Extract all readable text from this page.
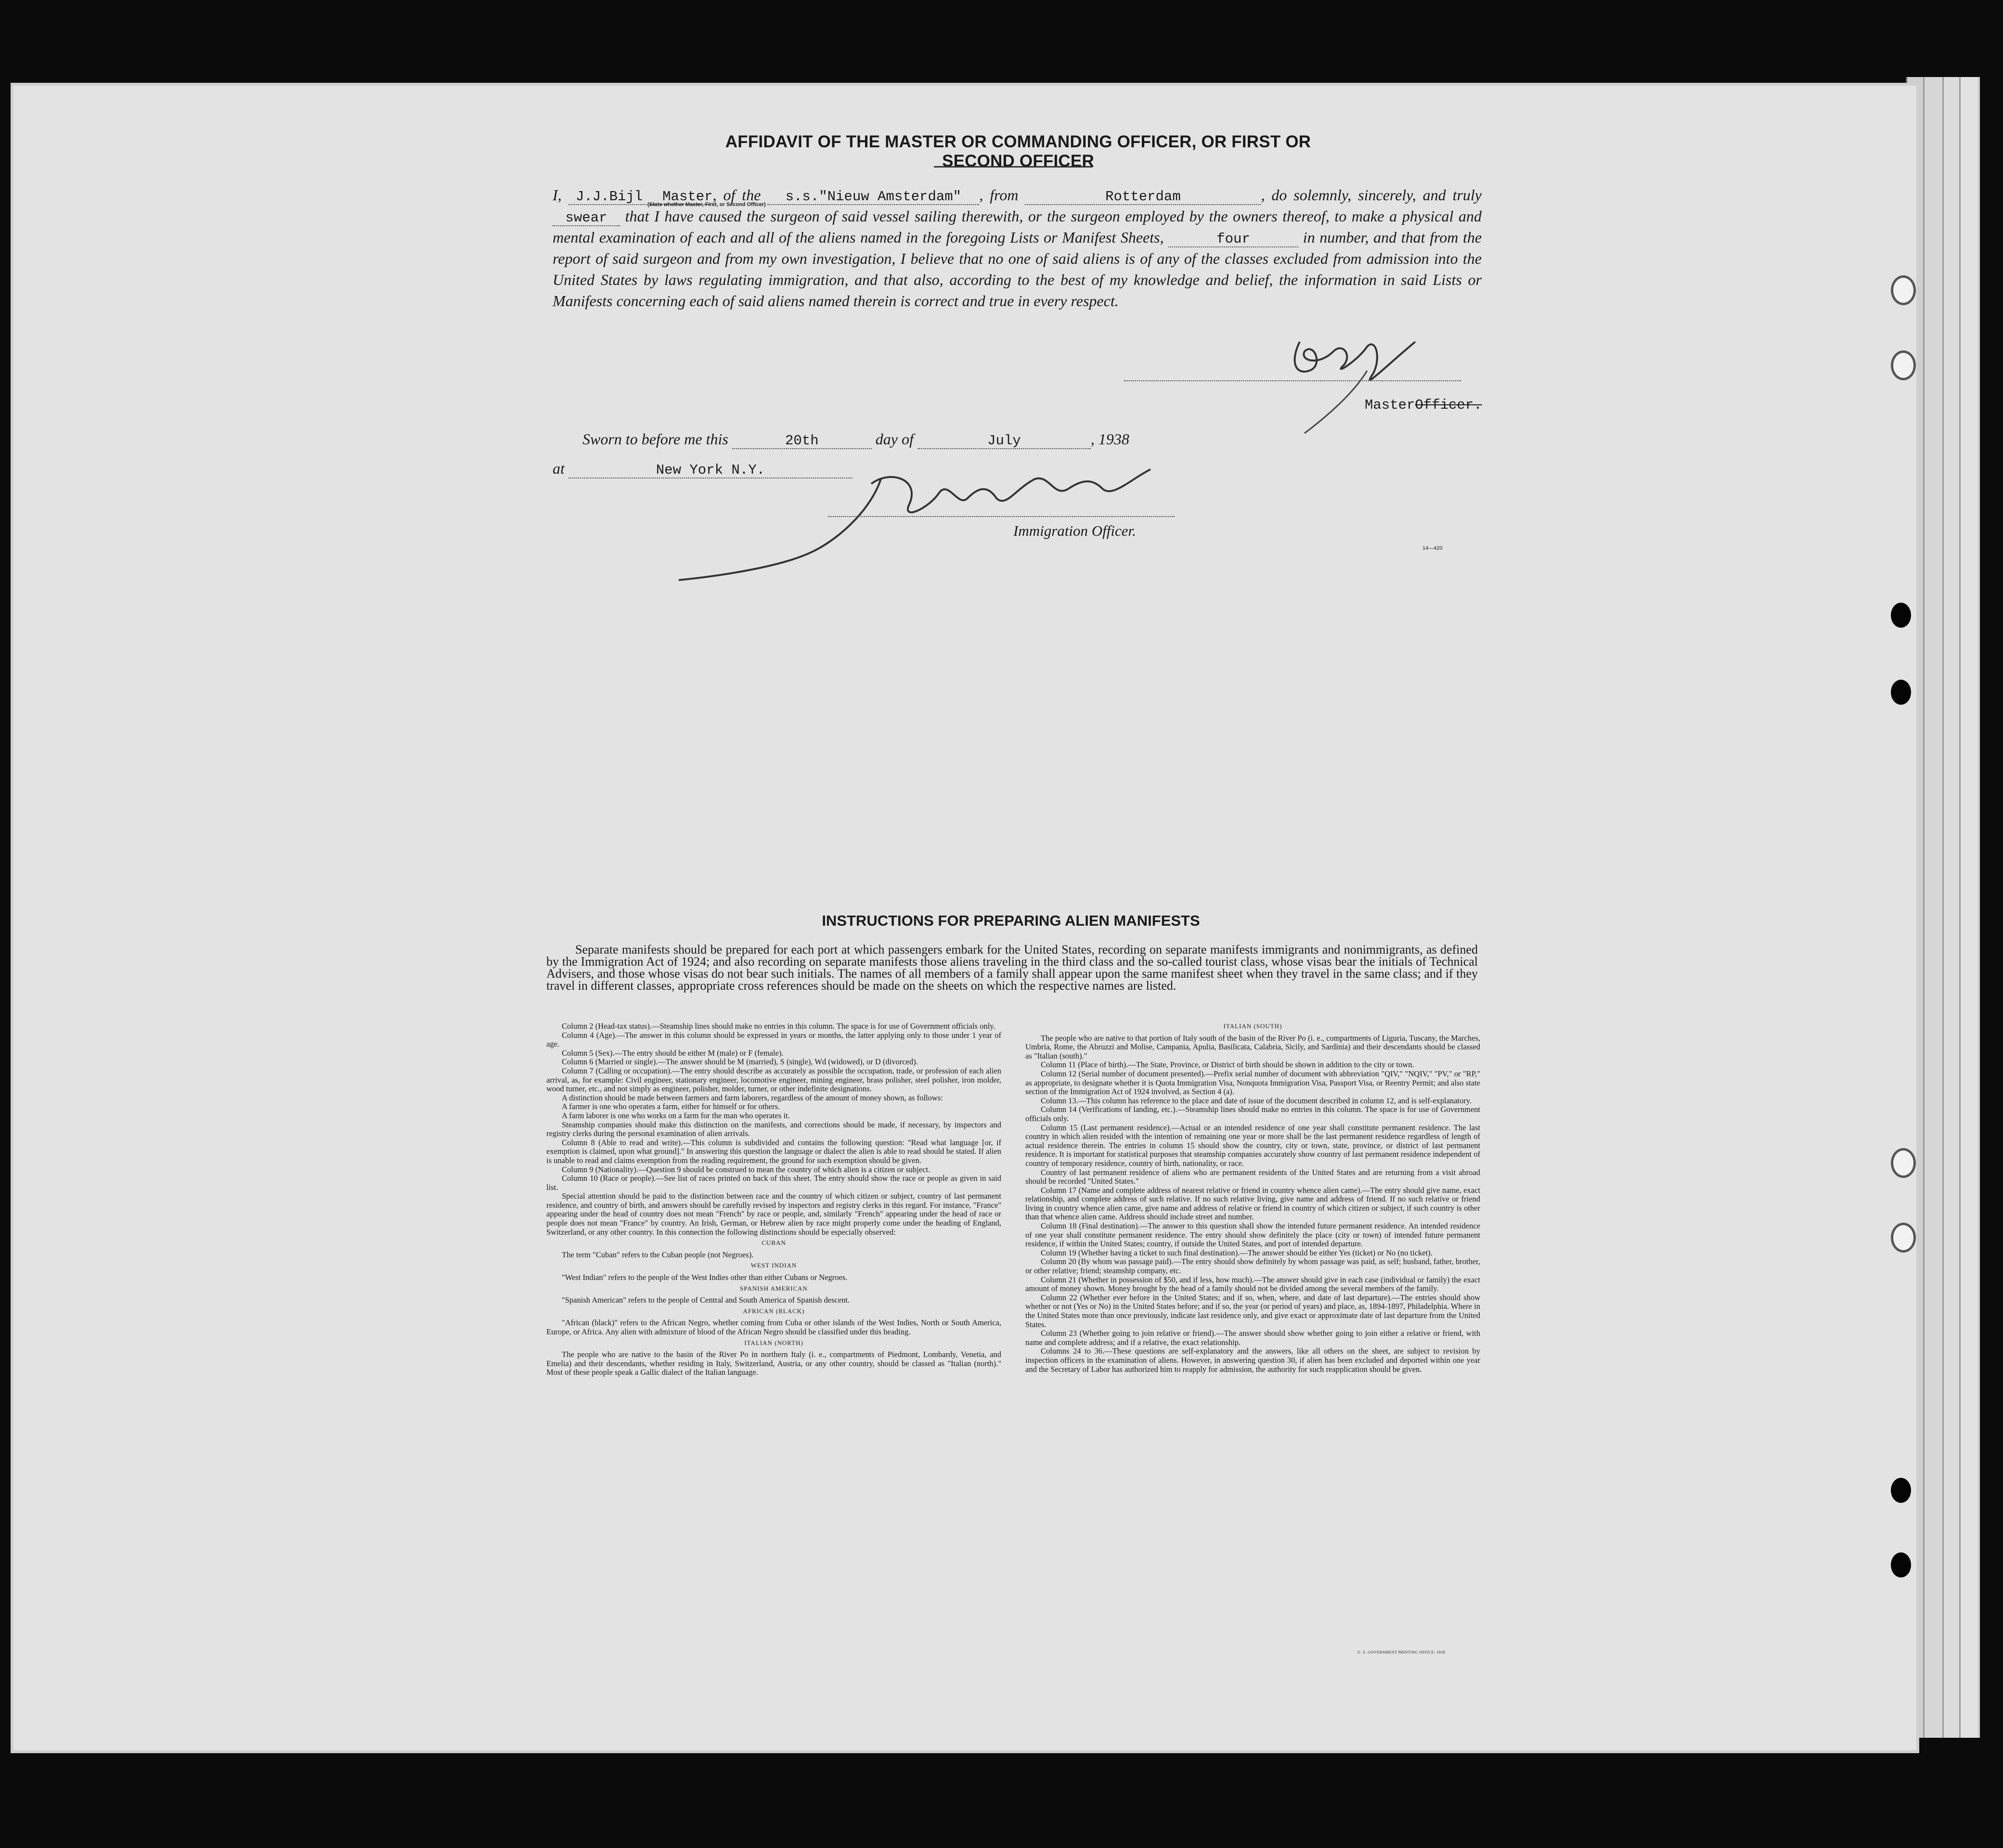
AFFIDAVIT OF THE MASTER OR COMMANDING OFFICER, OR FIRST OR SECOND OFFICER
I, J.J.Bijl Master, of the s.s."Nieuw Amsterdam" , from	Rotterdam	, do solemnly, sincerely, and truly swear that I have caused the surgeon of said vessel sailing therewith, or the surgeon employed by the owners thereof, to make a physical and mental examination of each and all of the aliens named in the foregoing Lists or Manifest Sheets,	four	in number, and that from the report of said surgeon and from my own investigation, I believe that no one of said aliens is of any of the classes excluded from admission into the United States by laws regulating immigration, and that also, according to the best of my knowledge and belief, the information in said Lists or Manifests concerning each of said aliens named therein is correct and true in every respect.
(State whether Master, First, or Second Officer)
MasterOfficer.
Sworn to before me this	20th	day of	July	, 1938
at	New York N.Y.
Immigration Officer.
14—420
INSTRUCTIONS FOR PREPARING ALIEN MANIFESTS
Separate manifests should be prepared for each port at which passengers embark for the United States, recording on separate manifests immigrants and nonimmigrants, as defined by the Immigration Act of 1924; and also recording on separate manifests those aliens traveling in the third class and the so-called tourist class, whose visas bear the initials of Technical Advisers, and those whose visas do not bear such initials. The names of all members of a family shall appear upon the same manifest sheet when they travel in the same class; and if they travel in different classes, appropriate cross references should be made on the sheets on which the respective names are listed.

Column 2 (Head-tax status).—Steamship lines should make no entries in this column. The space is for use of Government officials only.

Column 4 (Age).—The answer in this column should be expressed in years or months, the latter applying only to those under 1 year of age.

Column 5 (Sex).—The entry should be either M (male) or F (female).

Column 6 (Married or single).—The answer should be M (married), S (single), Wd (widowed), or D (divorced).

Column 7 (Calling or occupation).—The entry should describe as accurately as possible the occupation, trade, or profession of each alien arrival, as, for example: Civil engineer, stationary engineer, locomotive engineer, mining engineer, brass polisher, steel polisher, iron molder, wood turner, etc., and not simply as engineer, polisher, molder, turner, or other indefinite designations.

A distinction should be made between farmers and farm laborers, regardless of the amount of money shown, as follows:

A farmer is one who operates a farm, either for himself or for others.

A farm laborer is one who works on a farm for the man who operates it.

Steamship companies should make this distinction on the manifests, and corrections should be made, if necessary, by inspectors and registry clerks during the personal examination of alien arrivals.

Column 8 (Able to read and write).—This column is subdivided and contains the following question: "Read what language [or, if exemption is claimed, upon what ground]." In answering this question the language or dialect the alien is able to read should be stated. If alien is unable to read and claims exemption from the reading requirement, the ground for such exemption should be given.

Column 9 (Nationality).—Question 9 should be construed to mean the country of which alien is a citizen or subject.

Column 10 (Race or people).—See list of races printed on back of this sheet. The entry should show the race or people as given in said list.

Special attention should be paid to the distinction between race and the country of which citizen or subject, country of last permanent residence, and country of birth, and answers should be carefully revised by inspectors and registry clerks in this regard. For instance, "France" appearing under the head of country does not mean "French" by race or people, and, similarly "French" appearing under the head of race or people does not mean "France" by country. An Irish, German, or Hebrew alien by race might properly come under the heading of England, Switzerland, or any other country. In this connection the following distinctions should be especially observed:

CUBAN

The term "Cuban" refers to the Cuban people (not Negroes).

WEST INDIAN

"West Indian" refers to the people of the West Indies other than either Cubans or Negroes.

SPANISH AMERICAN

"Spanish American" refers to the people of Central and South America of Spanish descent.

AFRICAN (BLACK)

"African (black)" refers to the African Negro, whether coming from Cuba or other islands of the West Indies, North or South America, Europe, or Africa. Any alien with admixture of blood of the African Negro should be classified under this heading.

ITALIAN (NORTH)

The people who are native to the basin of the River Po in northern Italy (i. e., compartments of Piedmont, Lombardy, Venetia, and Emelia) and their descendants, whether residing in Italy, Switzerland, Austria, or any other country, should be classed as "Italian (north)." Most of these people speak a Gallic dialect of the Italian language.

ITALIAN (SOUTH)

The people who are native to that portion of Italy south of the basin of the River Po (i. e., compartments of Liguria, Tuscany, the Marches, Umbria, Rome, the Abruzzi and Molise, Campania, Apulia, Basilicata, Calabria, Sicily, and Sardinia) and their descendants should be classed as "Italian (south)."

Column 11 (Place of birth).—The State, Province, or District of birth should be shown in addition to the city or town.

Column 12 (Serial number of document presented).—Prefix serial number of document with abbreviation "QIV," "NQIV," "PV," or "RP," as appropriate, to designate whether it is Quota Immigration Visa, Nonquota Immigration Visa, Passport Visa, or Reentry Permit; and also state section of the Immigration Act of 1924 involved, as Section 4 (a).

Column 13.—This column has reference to the place and date of issue of the document described in column 12, and is self-explanatory.

Column 14 (Verifications of landing, etc.).—Steamship lines should make no entries in this column. The space is for use of Government officials only.

Column 15 (Last permanent residence).—Actual or an intended residence of one year shall constitute permanent residence. The last country in which alien resided with the intention of remaining one year or more shall be the last permanent residence regardless of length of actual residence therein. The entries in column 15 should show the country, city or town, state, province, or district of last permanent residence. It is important for statistical purposes that steamship companies accurately show country of last permanent residence independent of country of temporary residence, country of birth, nationality, or race.

Country of last permanent residence of aliens who are permanent residents of the United States and are returning from a visit abroad should be recorded "United States."

Column 17 (Name and complete address of nearest relative or friend in country whence alien came).—The entry should give name, exact relationship, and complete address of such relative. If no such relative living, give name and address of friend. If no such relative or friend living in country whence alien came, give name and address of relative or friend in country of which citizen or subject, if such country is other than that whence alien came. Address should include street and number.

Column 18 (Final destination).—The answer to this question shall show the intended future permanent residence. An intended residence of one year shall constitute permanent residence. The entry should show definitely the place (city or town) of intended future permanent residence, if within the United States; country, if outside the United States, and port of intended departure.

Column 19 (Whether having a ticket to such final destination).—The answer should be either Yes (ticket) or No (no ticket).

Column 20 (By whom was passage paid).—The entry should show definitely by whom passage was paid, as self; husband, father, brother, or other relative; friend; steamship company, etc.

Column 21 (Whether in possession of $50, and if less, how much).—The answer should give in each case (individual or family) the exact amount of money shown. Money brought by the head of a family should not be divided among the several members of the family.

Column 22 (Whether ever before in the United States; and if so, when, where, and date of last departure).—The entries should show whether or not (Yes or No) in the United States before; and if so, the year (or period of years) and place, as, 1894-1897, Philadelphia. Where in the United States more than once previously, indicate last residence only, and give exact or approximate date of last departure from the United States.

Column 23 (Whether going to join relative or friend).—The answer should show whether going to join either a relative or friend, with name and complete address; and if a relative, the exact relationship.

Columns 24 to 36.—These questions are self-explanatory and the answers, like all others on the sheet, are subject to revision by inspection officers in the examination of aliens. However, in answering question 30, if alien has been excluded and deported within one year and the Secretary of Labor has authorized him to reapply for admission, the authority for such reapplication should be given.

U. S. GOVERNMENT PRINTING OFFICE: 1938
